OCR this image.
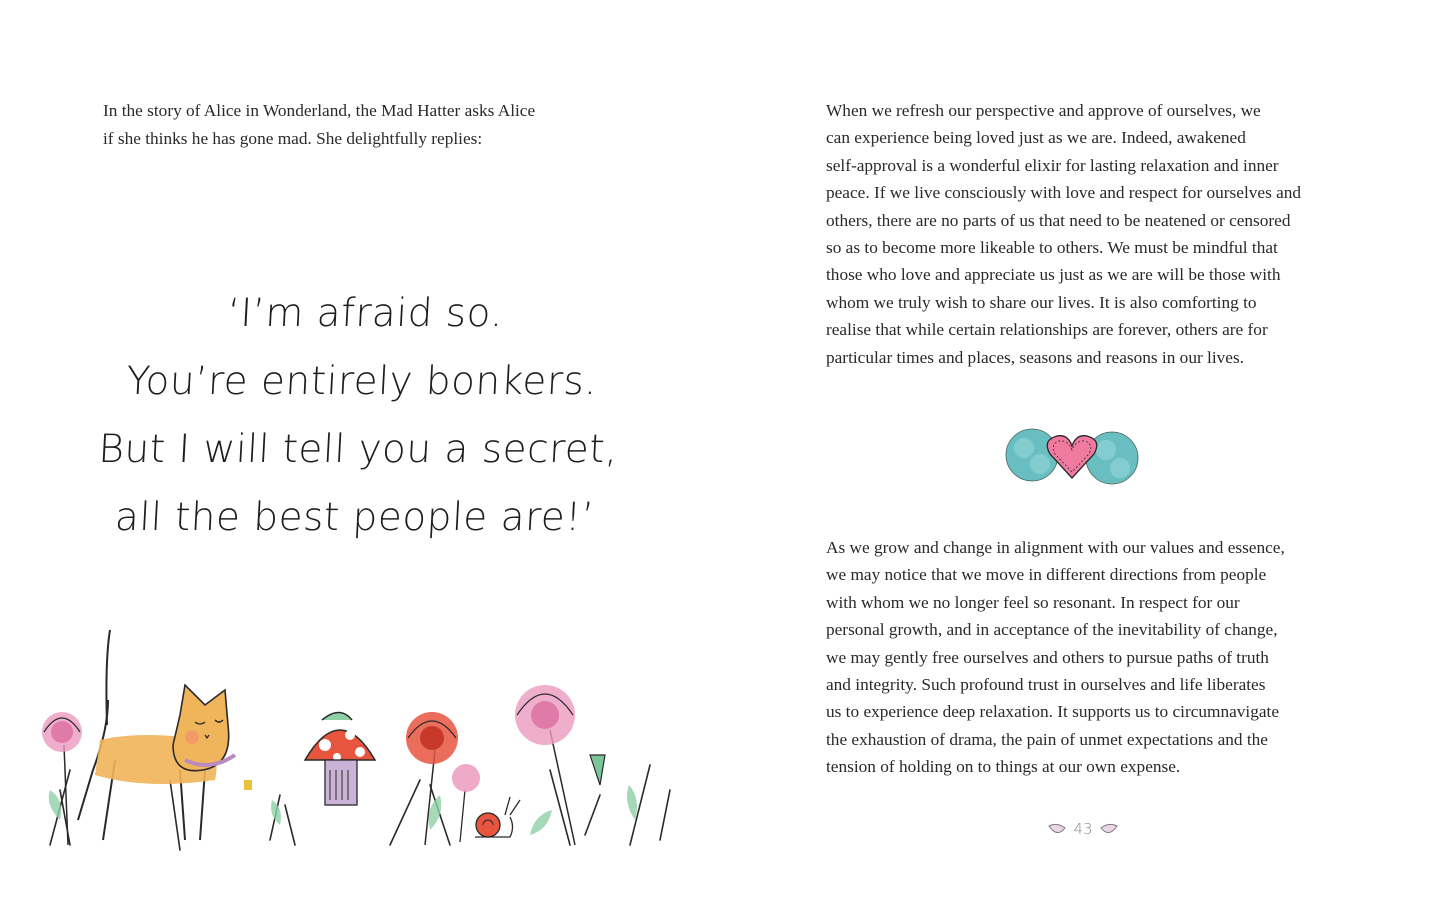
In the story of Alice in Wonderland, the Mad Hatter asks Alice
if she thinks he has gone mad. She delightfully replies:

‘I’m afraid so.
You’re entirely bonkers.
But I will tell you a secret,
all the best people are!’

When we refresh our perspective and approve of ourselves, we
can experience being loved just as we are. Indeed, awakened
self-approval is a wonderful elixir for lasting relaxation and inner
peace. If we live consciously with love and respect for ourselves and
others, there are no parts of us that need to be neatened or censored
so as to become more likeable to others. We must be mindful that
those who love and appreciate us just as we are will be those with
whom we truly wish to share our lives. It is also comforting to
realise that while certain relationships are forever, others are for
particular times and places, seasons and reasons in our lives.

As we grow and change in alignment with our values and essence,
we may notice that we move in different directions from people
with whom we no longer feel so resonant. In respect for our
personal growth, and in acceptance of the inevitability of change,
we may gently free ourselves and others to pursue paths of truth
and integrity. Such profound trust in ourselves and life liberates
us to experience deep relaxation. It supports us to circumnavigate
the exhaustion of drama, the pain of unmet expectations and the
tension of holding on to things at our own expense.

43
